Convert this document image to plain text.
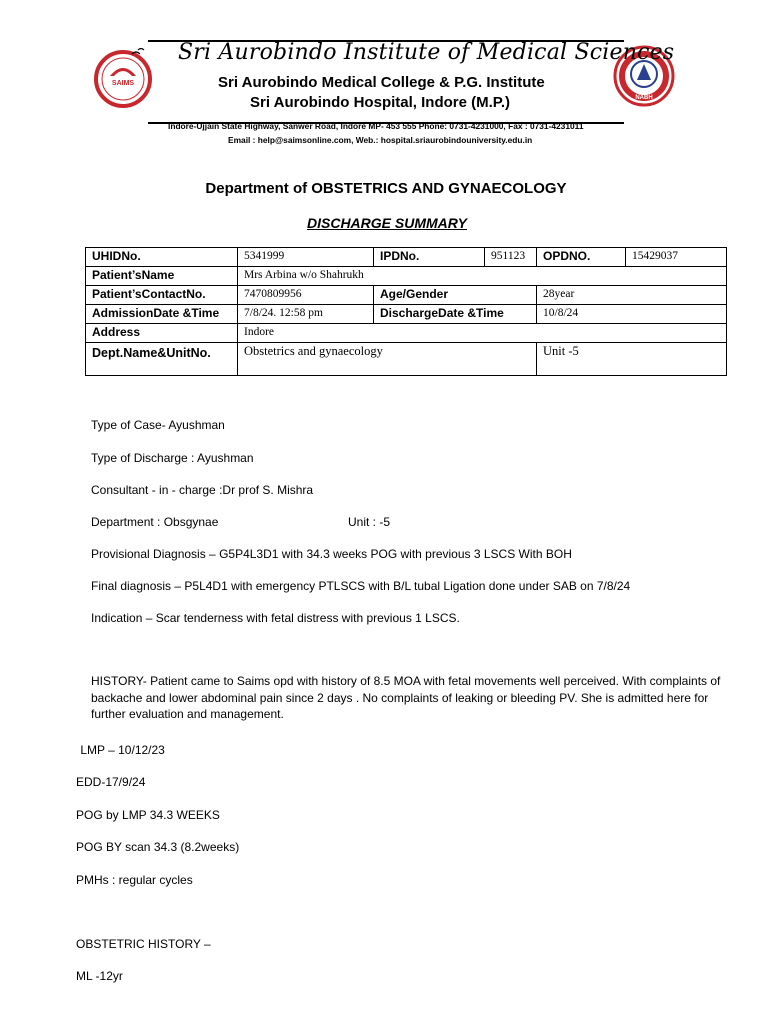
SAIMS
NABH
Sri Aurobindo Institute of Medical Sciences
Sri Aurobindo Medical College & P.G. Institute
Sri Aurobindo Hospital, Indore (M.P.)
Indore-Ujjain State Highway, Sanwer Road, Indore MP- 453 555 Phone: 0731-4231000, Fax : 0731-4231011
Email : help@saimsonline.com, Web.: hospital.sriaurobindouniversity.edu.in
Department of OBSTETRICS AND GYNAECOLOGY
DISCHARGE SUMMARY
UHIDNo.	5341999	IPDNo.	951123	OPDNO.	15429037
Patient’sName	Mrs Arbina w/o Shahrukh				
Patient’sContactNo.	7470809956	Age/Gender		28year	
AdmissionDate &Time	7/8/24. 12:58 pm	DischargeDate &Time		10/8/24	
Address	Indore				
Dept.Name&UnitNo.	Obstetrics and gynaecology			Unit -5	
Type of Case- Ayushman
Type of Discharge : Ayushman
Consultant - in - charge :Dr prof S. Mishra
Department : Obsgynae	Unit : -5
Provisional Diagnosis – G5P4L3D1 with 34.3 weeks POG with previous 3 LSCS With BOH
Final diagnosis – P5L4D1 with emergency PTLSCS with B/L tubal Ligation done under SAB on 7/8/24
Indication – Scar tenderness with fetal distress with previous 1 LSCS.
HISTORY- Patient came to Saims opd with history of 8.5 MOA with fetal movements well perceived. With complaints of backache and lower abdominal pain since 2 days . No complaints of leaking or bleeding PV. She is admitted here for further evaluation and management.
LMP – 10/12/23
EDD-17/9/24
POG by LMP 34.3 WEEKS
POG BY scan 34.3 (8.2weeks)
PMHs : regular cycles
OBSTETRIC HISTORY –
ML -12yr
